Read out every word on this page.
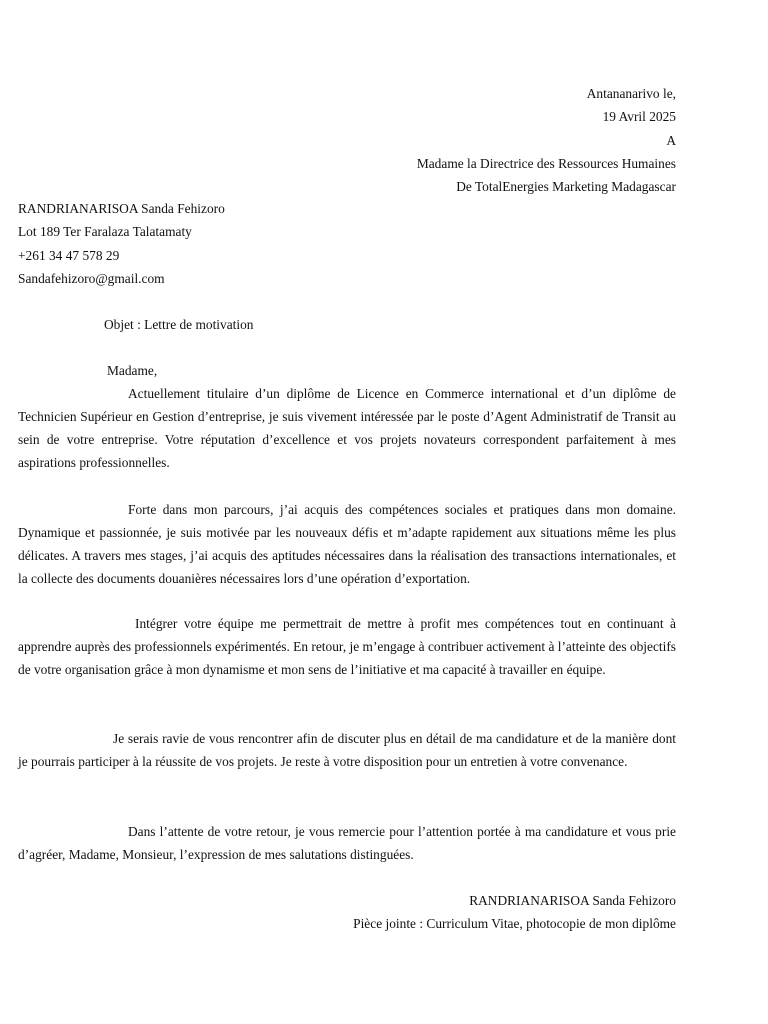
Antananarivo le,
19 Avril 2025
A
Madame la Directrice des Ressources Humaines
De TotalEnergies Marketing Madagascar
RANDRIANARISOA Sanda Fehizoro
Lot 189 Ter Faralaza Talatamaty
+261 34 47 578 29
Sandafehizoro@gmail.com
Objet : Lettre de motivation
Madame,

Actuellement titulaire d’un diplôme de Licence en Commerce international et d’un diplôme de Technicien Supérieur en Gestion d’entreprise, je suis vivement intéressée par le poste d’Agent Administratif de Transit au sein de votre entreprise. Votre réputation d’excellence et vos projets novateurs correspondent parfaitement à mes aspirations professionnelles.

Forte dans mon parcours, j’ai acquis des compétences sociales et pratiques dans mon domaine. Dynamique et passionnée, je suis motivée par les nouveaux défis et m’adapte rapidement aux situations même les plus délicates. A travers mes stages, j’ai acquis des aptitudes nécessaires dans la réalisation des transactions internationales, et la collecte des documents douanières nécessaires lors d’une opération d’exportation.

Intégrer votre équipe me permettrait de mettre à profit mes compétences tout en continuant à apprendre auprès des professionnels expérimentés. En retour, je m’engage à contribuer activement à l’atteinte des objectifs de votre organisation grâce à mon dynamisme et mon sens de l’initiative et ma capacité à travailler en équipe.

Je serais ravie de vous rencontrer afin de discuter plus en détail de ma candidature et de la manière dont je pourrais participer à la réussite de vos projets. Je reste à votre disposition pour un entretien à votre convenance.

Dans l’attente de votre retour, je vous remercie pour l’attention portée à ma candidature et vous prie d’agréer, Madame, Monsieur, l’expression de mes salutations distinguées.

RANDRIANARISOA Sanda Fehizoro
Pièce jointe : Curriculum Vitae, photocopie de mon diplôme
